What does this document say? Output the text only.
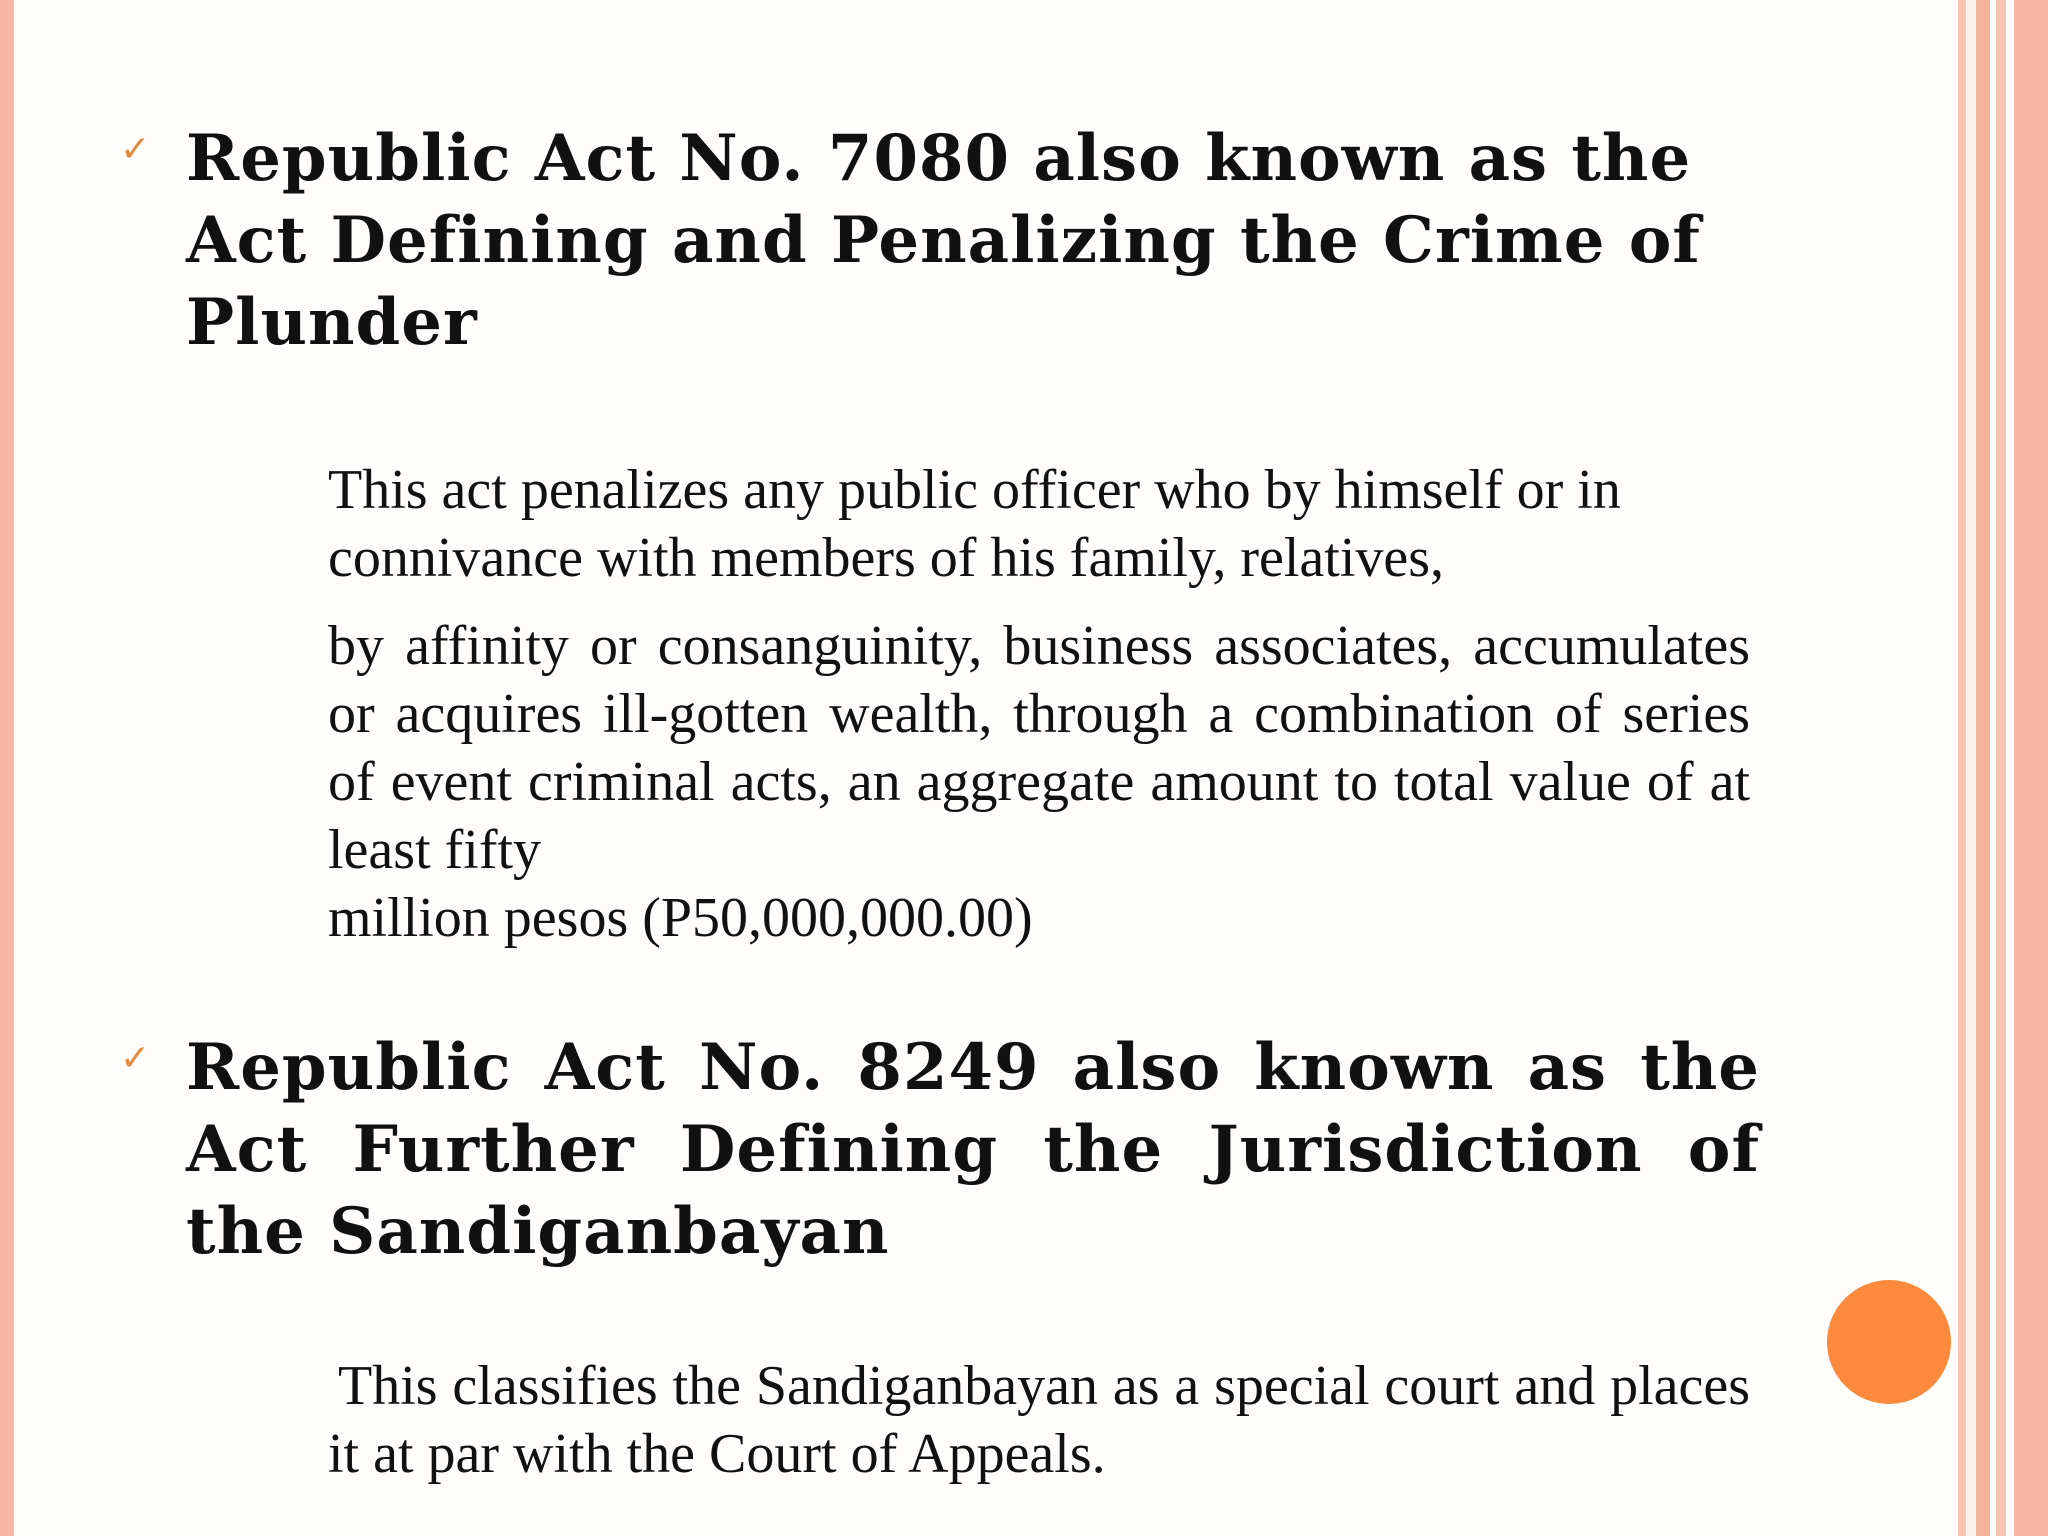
✓ Republic Act No. 7080 also known as the Act Defining and Penalizing the Crime of Plunder
This act penalizes any public officer who by himself or in connivance with members of his family, relatives,
by affinity or consanguinity, business associates, accumulates or acquires ill-gotten wealth, through a combination of series of event criminal acts, an aggregate amount to total value of at least fifty
million pesos (P50,000,000.00)
✓ Republic Act No. 8249 also known as the Act Further Defining the Jurisdiction of the Sandiganbayan
This classifies the Sandiganbayan as a special court and places it at par with the Court of Appeals.
